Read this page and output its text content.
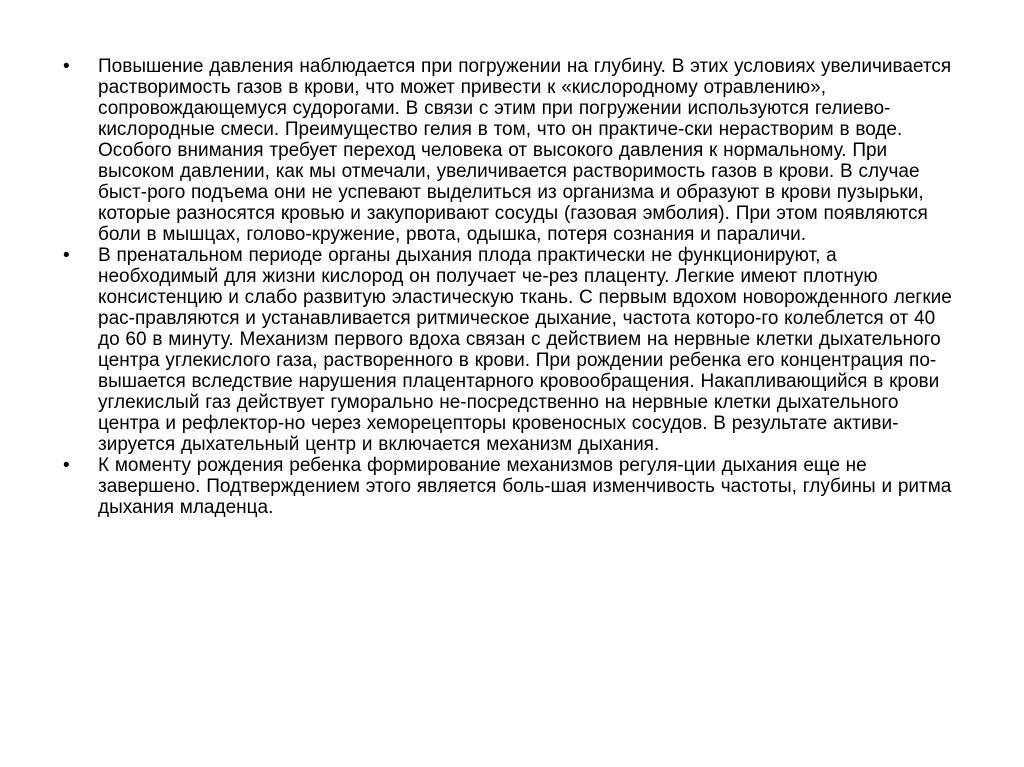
•	Повышение давления наблюдается при погружении на глубину. В этих условиях увеличивается растворимость газов в крови, что может привести к «кислородному отравлению», сопровождающемуся судорогами. В связи с этим при погружении используются гелиево-кислородные смеси. Преимущество гелия в том, что он практиче-ски нерастворим в воде. Особого внимания требует переход человека от высокого давления к нормальному. При высоком давлении, как мы отмечали, увеличивается растворимость газов в крови. В случае быст-рого подъема они не успевают выделиться из организма и образуют в крови пузырьки, которые разносятся кровью и закупоривают сосуды (газовая эмболия). При этом появляются боли в мышцах, голово-кружение, рвота, одышка, потеря сознания и параличи.
•	В пренатальном периоде органы дыхания плода практически не функционируют, а необходимый для жизни кислород он получает че-рез плаценту. Легкие имеют плотную консистенцию и слабо развитую эластическую ткань. С первым вдохом новорожденного легкие рас-правляются и устанавливается ритмическое дыхание, частота которо-го колеблется от 40 до 60 в минуту. Механизм первого вдоха связан с действием на нервные клетки дыхательного центра углекислого газа, растворенного в крови. При рождении ребенка его концентрация по-вышается вследствие нарушения плацентарного кровообращения. Накапливающийся в крови углекислый газ действует гуморально не-посредственно на нервные клетки дыхательного центра и рефлектор-но через хеморецепторы кровеносных сосудов. В результате активи-зируется дыхательный центр и включается механизм дыхания.
•	К моменту рождения ребенка формирование механизмов регуля-ции дыхания еще не завершено. Подтверждением этого является боль-шая изменчивость частоты, глубины и ритма дыхания младенца.
